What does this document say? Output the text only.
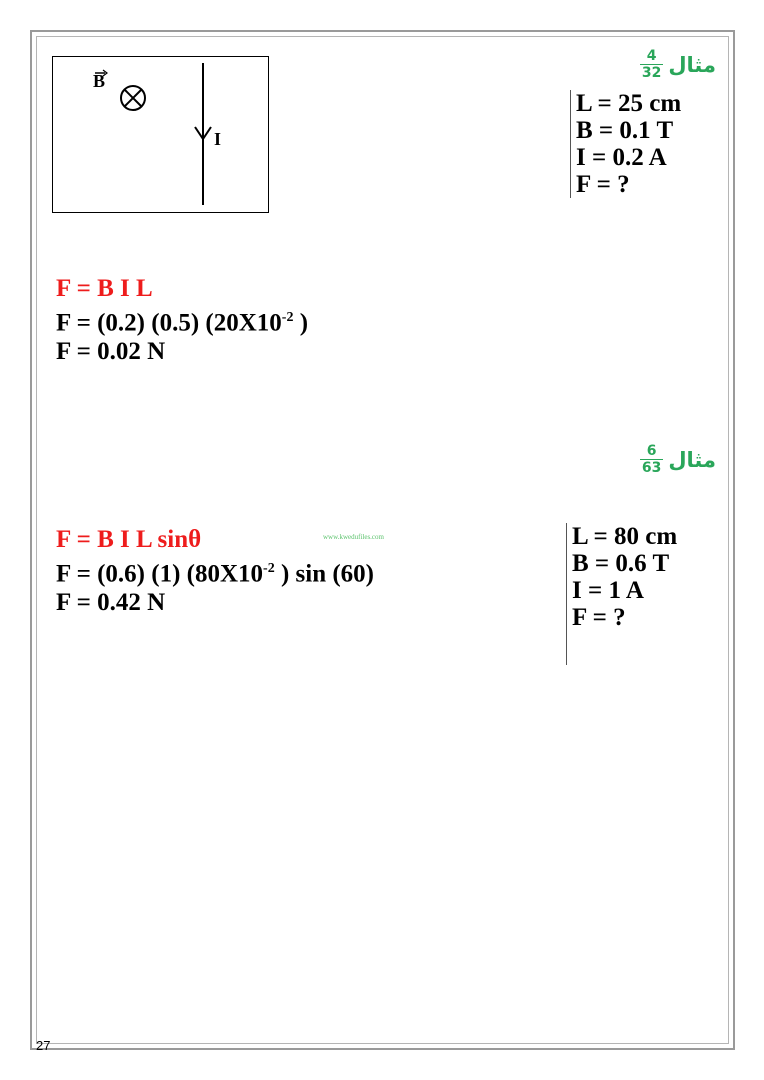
$\frac{4}{32}$ مثال
B
I
L = 25 cm
B = 0.1 T
I = 0.2 A
F = ?
F = B I L
F = (0.2) (0.5) ($20X10^{-2}$ )
F = 0.02 N
$\frac{6}{63}$ مثال
F = B I L sinθ
F = (0.6) (1) ($80X10^{-2}$ ) sin (60)
F = 0.42 N
www.kwedufiles.com	L = 80 cm
B = 0.6 T
I = 1 A
F = ?
27
